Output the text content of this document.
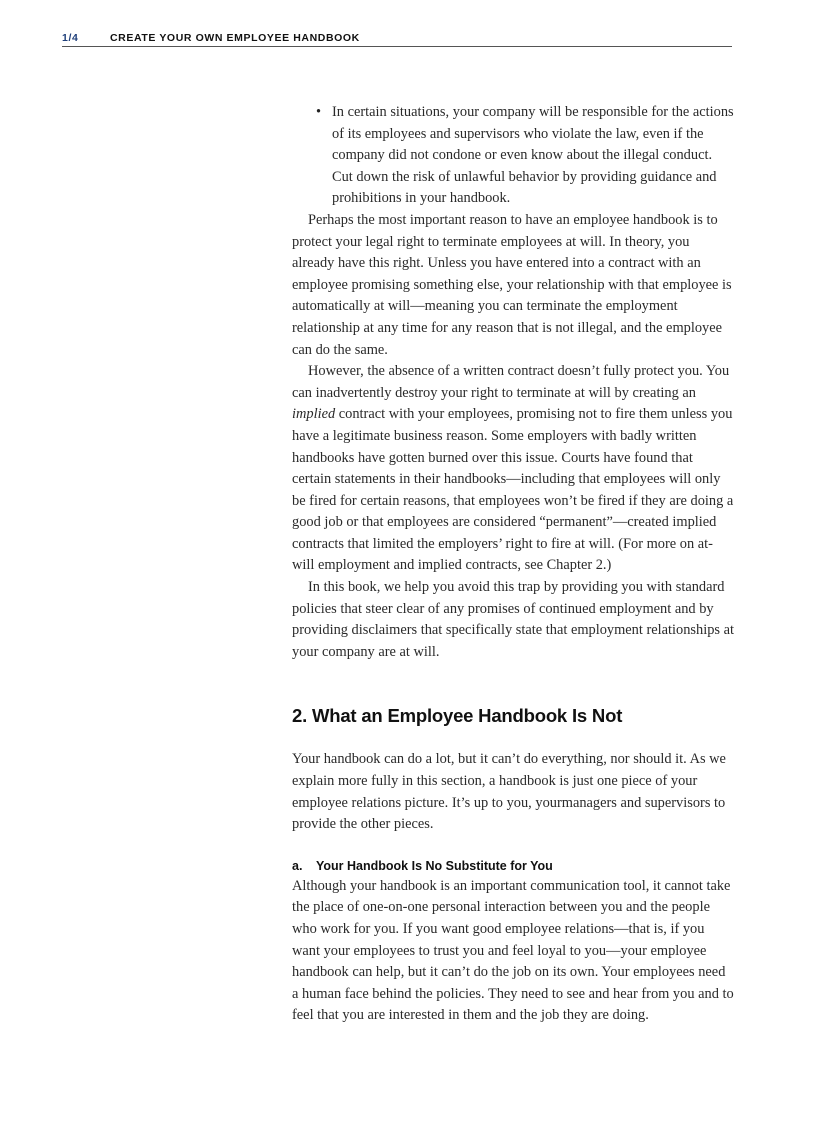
1/4	CREATE YOUR OWN EMPLOYEE HANDBOOK
• In certain situations, your company will be responsible for the actions of its employees and supervisors who violate the law, even if the company did not condone or even know about the illegal conduct. Cut down the risk of unlawful behavior by providing guidance and prohibitions in your handbook.

Perhaps the most important reason to have an employee handbook is to protect your legal right to terminate employees at will. In theory, you already have this right. Unless you have entered into a contract with an employee promising something else, your relationship with that employee is automatically at will—meaning you can terminate the employment relationship at any time for any reason that is not illegal, and the employee can do the same.

However, the absence of a written contract doesn’t fully protect you. You can inadvertently destroy your right to terminate at will by creating an implied contract with your employees, promising not to fire them unless you have a legitimate business reason. Some employers with badly written handbooks have gotten burned over this issue. Courts have found that certain statements in their handbooks—including that employees will only be fired for certain reasons, that employees won’t be fired if they are doing a good job or that employees are considered “permanent”—created implied contracts that limited the employers’ right to fire at will. (For more on at-will employment and implied contracts, see Chapter 2.)

In this book, we help you avoid this trap by providing you with standard policies that steer clear of any promises of continued employment and by providing disclaimers that specifically state that employment relationships at your company are at will.

2. What an Employee Handbook Is Not

Your handbook can do a lot, but it can’t do everything, nor should it. As we explain more fully in this section, a handbook is just one piece of your employee relations picture. It’s up to you, yourmanagers and supervisors to provide the other pieces.

a. Your Handbook Is No Substitute for You

Although your handbook is an important communication tool, it cannot take the place of one-on-one personal interaction between you and the people who work for you. If you want good employee relations—that is, if you want your employees to trust you and feel loyal to you—your employee handbook can help, but it can’t do the job on its own. Your employees need a human face behind the policies. They need to see and hear from you and to feel that you are interested in them and the job they are doing.
